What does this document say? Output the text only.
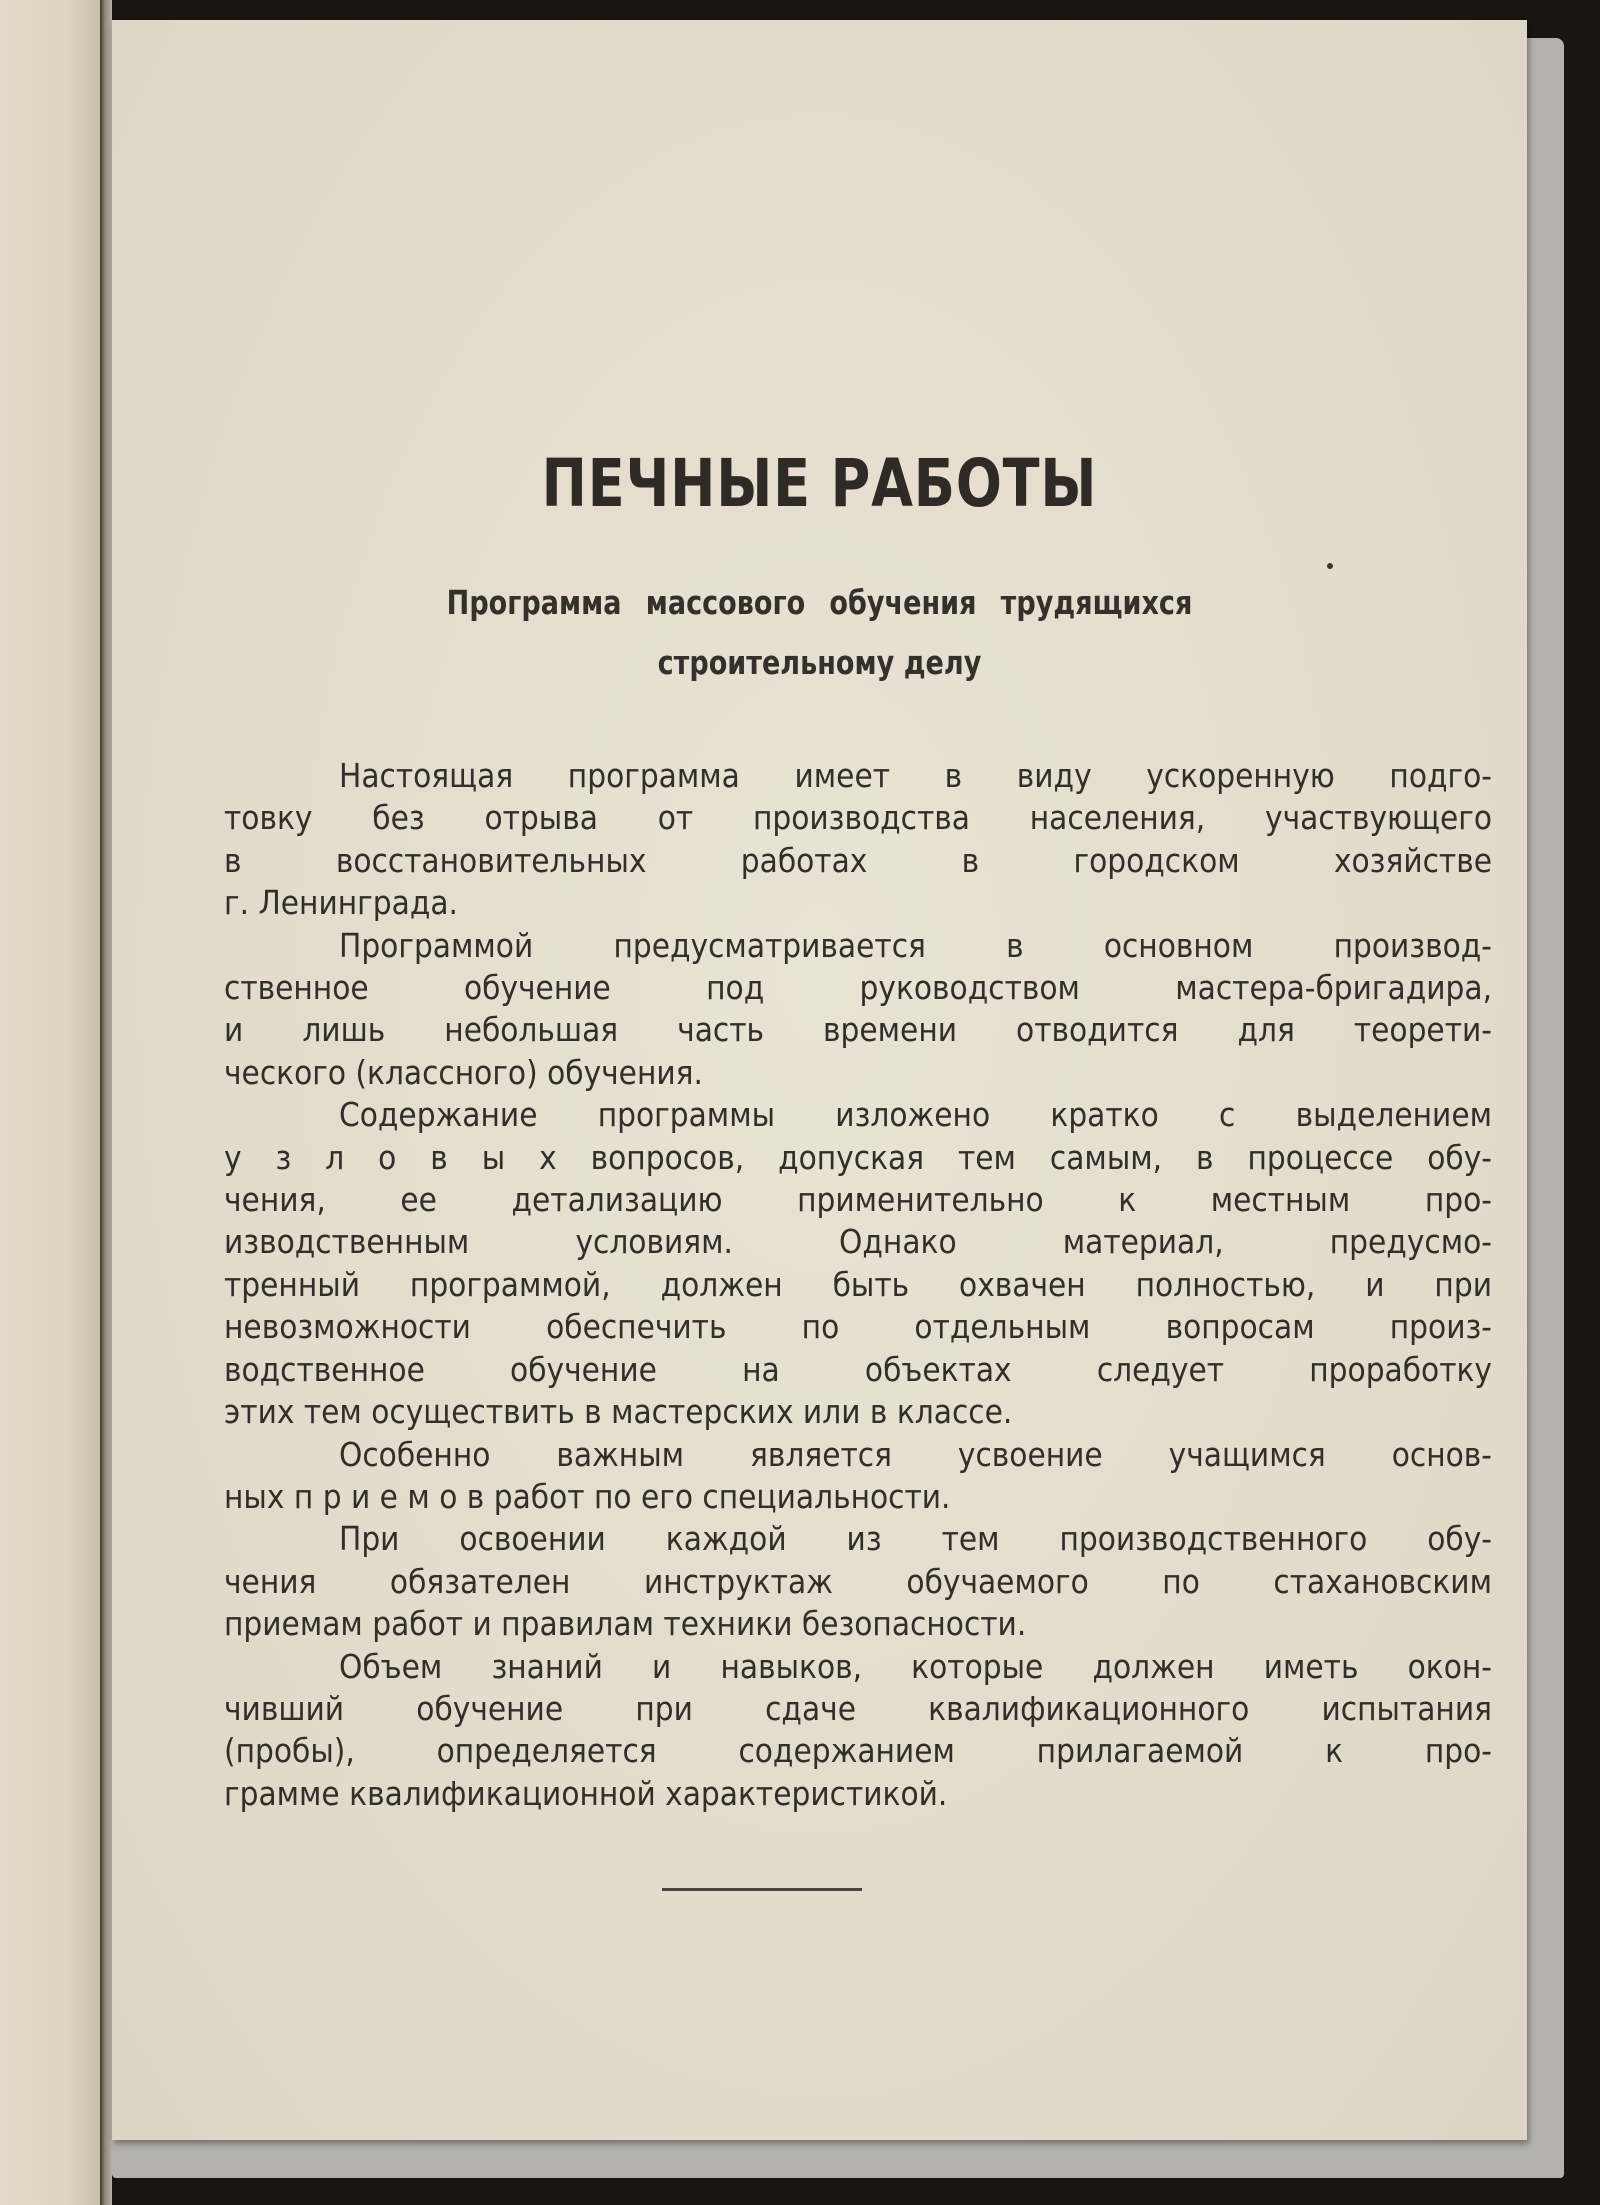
ПЕЧНЫЕ РАБОТЫ
Программа массового обучения трудящихся
строительному делу
Настоящая программа имеет в виду ускоренную подго-
товку без отрыва от производства населения, участвующего
в восстановительных работах в городском хозяйстве
г. Ленинграда.
Программой предусматривается в основном производ-
ственное обучение под руководством мастера-бригадира,
и лишь небольшая часть времени отводится для теорети-
ческого (классного) обучения.
Содержание программы изложено кратко с выделением
у з л о в ы х вопросов, допуская тем самым, в процессе обу-
чения, ее детализацию применительно к местным про-
изводственным условиям. Однако материал, предусмо-
тренный программой, должен быть охвачен полностью, и при
невозможности обеспечить по отдельным вопросам произ-
водственное обучение на объектах следует проработку
этих тем осуществить в мастерских или в классе.
Особенно важным является усвоение учащимся основ-
ных п р и е м о в работ по его специальности.
При освоении каждой из тем производственного обу-
чения обязателен инструктаж обучаемого по стахановским
приемам работ и правилам техники безопасности.
Объем знаний и навыков, которые должен иметь окон-
чивший обучение при сдаче квалификационного испытания
(пробы), определяется содержанием прилагаемой к про-
грамме квалификационной характеристикой.
